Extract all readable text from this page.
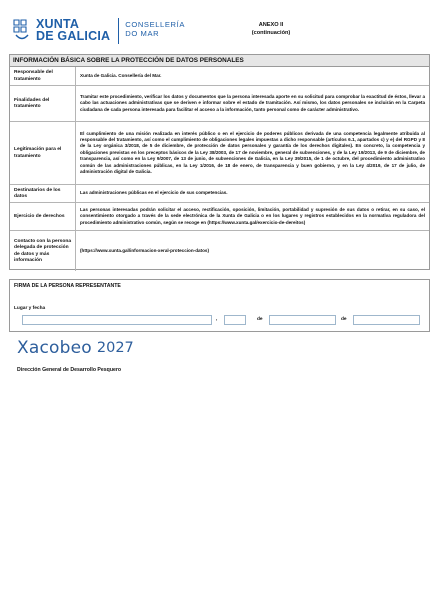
XUNTA
DE GALICIA
CONSELLERÍA
DO MAR
ANEXO II
(continuación)
INFORMACIÓN BÁSICA SOBRE LA PROTECCIÓN DE DATOS PERSONALES
Responsable del tratamiento
Xunta de Galicia. Consellería del Mar.
Finalidades del tratamiento
Tramitar este procedimiento, verificar los datos y documentos que la persona interesada aporte en su solicitud para comprobar la exactitud de éstos, llevar a cabo las actuaciones administrativas que se deriven e informar sobre el estado de tramitación. Así mismo, los datos personales se incluirán en la Carpeta ciudadana de cada persona interesada para facilitar el acceso a la información, tanto personal como de carácter administrativo.
Legitimación para el tratamiento
El cumplimiento de una misión realizada en interés público o en el ejercicio de poderes públicos derivada de una competencia legalmente atribuida al responsable del tratamiento, así como el cumplimiento de obligaciones legales impuestas a dicho responsable (artículos 6.1, apartados c) y e) del RGPD y 8 de la Ley orgánica 3/2018, de 5 de diciembre, de protección de datos personales y garantía de los derechos digitales). En concreto, la competencia y obligaciones previstas en los preceptos básicos de la Ley 38/2003, de 17 de noviembre, general de subvenciones, y de la Ley 19/2013, de 9 de diciembre, de transparencia, así como en la Ley 9/2007, de 13 de junio, de subvenciones de Galicia, en la Ley 39/2015, de 1 de octubre, del procedimiento administrativo común de las administraciones públicas, en la Ley 1/2016, de 18 de enero, de transparencia y buen gobierno, y en la Ley 4/2019, de 17 de julio, de administración digital de Galicia.
Destinatarios de los datos
Las administraciones públicas en el ejercicio de sus competencias.
Ejercicio de derechos
Las personas interesadas podrán solicitar el acceso, rectificación, oposición, limitación, portabilidad y supresión de sus datos o retirar, en su caso, el consentimiento otorgado a través de la sede electrónica de la Xunta de Galicia o en los lugares y registros establecidos en la normativa reguladora del procedimiento administrativo común, según se recoge en (https://www.xunta.gal/exercicio-de-dereitos)
Contacto con la persona delegada de protección de datos y más información
(https://www.xunta.gal/informacion-xeral-proteccion-datos)
FIRMA DE LA PERSONA REPRESENTANTE
Lugar y fecha
,	de	de
Xacobeo 2027
Dirección General de Desarrollo Pesquero
